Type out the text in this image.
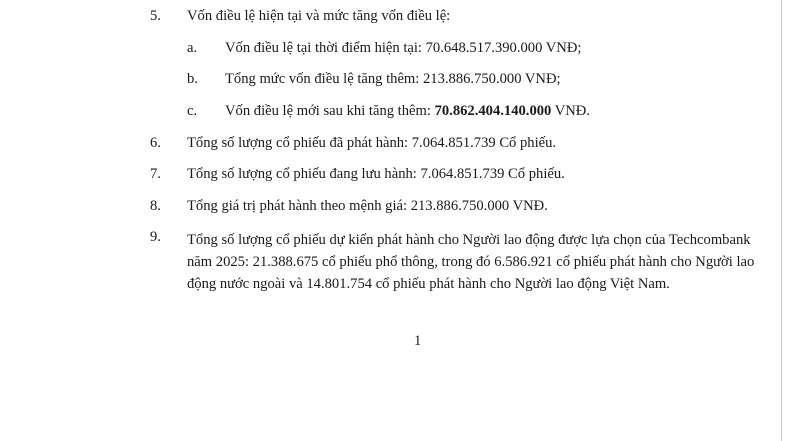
5. Vốn điều lệ hiện tại và mức tăng vốn điều lệ:
a. Vốn điều lệ tại thời điểm hiện tại: 70.648.517.390.000 VNĐ;
b. Tổng mức vốn điều lệ tăng thêm: 213.886.750.000 VNĐ;
c. Vốn điều lệ mới sau khi tăng thêm: 70.862.404.140.000 VNĐ.
6. Tổng số lượng cổ phiếu đã phát hành: 7.064.851.739 Cổ phiếu.
7. Tổng số lượng cổ phiếu đang lưu hành: 7.064.851.739 Cổ phiếu.
8. Tổng giá trị phát hành theo mệnh giá: 213.886.750.000 VNĐ.
9. Tổng số lượng cổ phiếu dự kiến phát hành cho Người lao động được lựa chọn của Techcombank
năm 2025: 21.388.675 cổ phiếu phổ thông, trong đó 6.586.921 cổ phiếu phát hành cho Người lao
động nước ngoài và 14.801.754 cổ phiếu phát hành cho Người lao động Việt Nam.
1
